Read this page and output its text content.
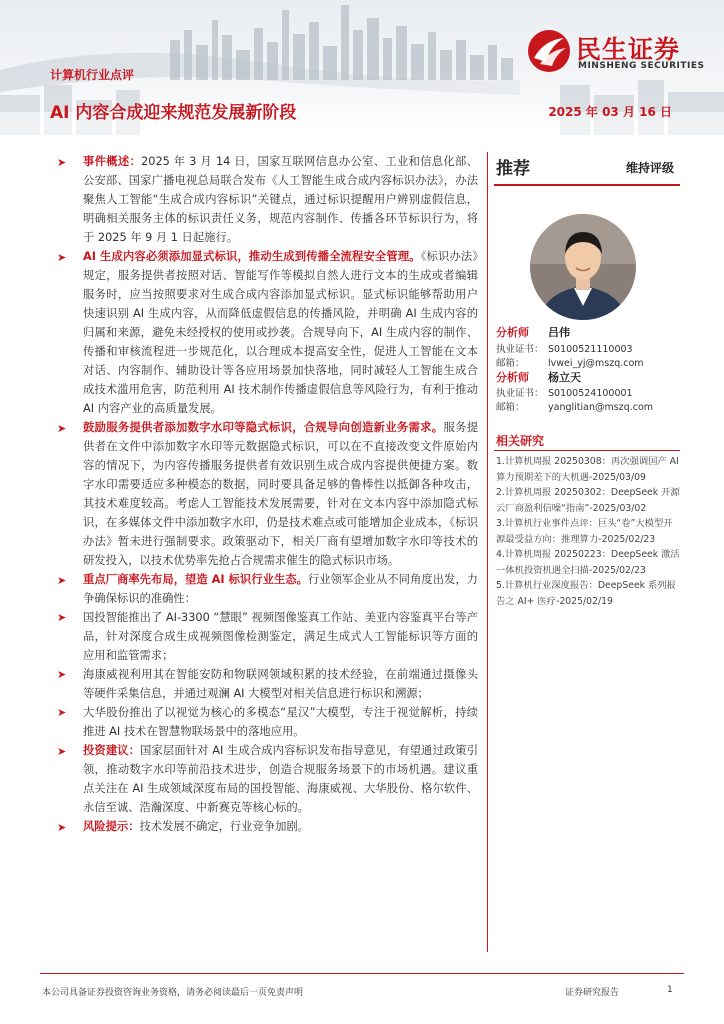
民生证券
MINSHENG SECURITIES
计算机行业点评
AI 内容合成迎来规范发展新阶段	2025 年 03 月 16 日

➤ 事件概述：2025 年 3 月 14 日，国家互联网信息办公室、工业和信息化部、公安部、国家广播电视总局联合发布《人工智能生成合成内容标识办法》，办法聚焦人工智能“生成合成内容标识”关键点，通过标识提醒用户辨别虚假信息，明确相关服务主体的标识责任义务，规范内容制作、传播各环节标识行为，将于 2025 年 9 月 1 日起施行。

➤ AI 生成内容必须添加显式标识，推动生成到传播全流程安全管理。《标识办法》规定，服务提供者按照对话、智能写作等模拟自然人进行文本的生成或者编辑服务时，应当按照要求对生成合成内容添加显式标识。显式标识能够帮助用户快速识别 AI 生成内容，从而降低虚假信息的传播风险，并明确 AI 生成内容的归属和来源，避免未经授权的使用或抄袭。合规导向下，AI 生成内容的制作、传播和审核流程进一步规范化，以合理成本提高安全性，促进人工智能在文本对话、内容制作、辅助设计等各应用场景加快落地，同时减轻人工智能生成合成技术滥用危害，防范利用 AI 技术制作传播虚假信息等风险行为，有利于推动 AI 内容产业的高质量发展。

➤ 鼓励服务提供者添加数字水印等隐式标识，合规导向创造新业务需求。服务提供者在文件中添加数字水印等元数据隐式标识，可以在不直接改变文件原始内容的情况下，为内容传播服务提供者有效识别生成合成内容提供便捷方案。数字水印需要适应多种模态的数据，同时要具备足够的鲁棒性以抵御各种攻击，其技术难度较高。考虑人工智能技术发展需要，针对在文本内容中添加隐式标识，在多媒体文件中添加数字水印，仍是技术难点或可能增加企业成本，《标识办法》暂未进行强制要求。政策驱动下，相关厂商有望增加数字水印等技术的研发投入，以技术优势率先抢占合规需求催生的隐式标识市场。

➤ 重点厂商率先布局，望造 AI 标识行业生态。行业领军企业从不同角度出发，力争确保标识的准确性：

➤ 国投智能推出了 AI-3300 “慧眼” 视频图像鉴真工作站、美亚内容鉴真平台等产品，针对深度合成生成视频图像检测鉴定，满足生成式人工智能标识等方面的应用和监管需求；

➤ 海康威视利用其在智能安防和物联网领域积累的技术经验，在前端通过摄像头等硬件采集信息，并通过观澜 AI 大模型对相关信息进行标识和溯源；

➤ 大华股份推出了以视觉为核心的多模态“星汉”大模型，专注于视觉解析，持续推进 AI 技术在智慧物联场景中的落地应用。

➤ 投资建议：国家层面针对 AI 生成合成内容标识发布指导意见，有望通过政策引领，推动数字水印等前沿技术进步，创造合规服务场景下的市场机遇。建议重点关注在 AI 生成领域深度布局的国投智能、海康威视、大华股份、格尔软件、永信至诚、浩瀚深度、中新赛克等核心标的。

➤ 风险提示：技术发展不确定，行业竞争加剧。

推荐	维持评级
分析师 吕伟
执业证书： S0100521110003
邮箱： lvwei_yj@mszq.com
分析师 杨立天
执业证书： S0100524100001
邮箱： yanglitian@mszq.com
相关研究
1.计算机周报 20250308：再次强调国产 AI 算力预期差下的大机遇-2025/03/09
2.计算机周报 20250302：DeepSeek 开源云厂商盈利信噪“指南”-2025/03/02
3.计算机行业事件点评：巨头“卷”大模型开源最受益方向：推理算力-2025/02/23
4.计算机周报 20250223：DeepSeek 激活一体机投资机遇全扫描-2025/02/23
5.计算机行业深度报告：DeepSeek 系列报告之 AI+ 医疗-2025/02/19
本公司具备证券投资咨询业务资格，请务必阅读最后一页免责声明	证券研究报告	1
